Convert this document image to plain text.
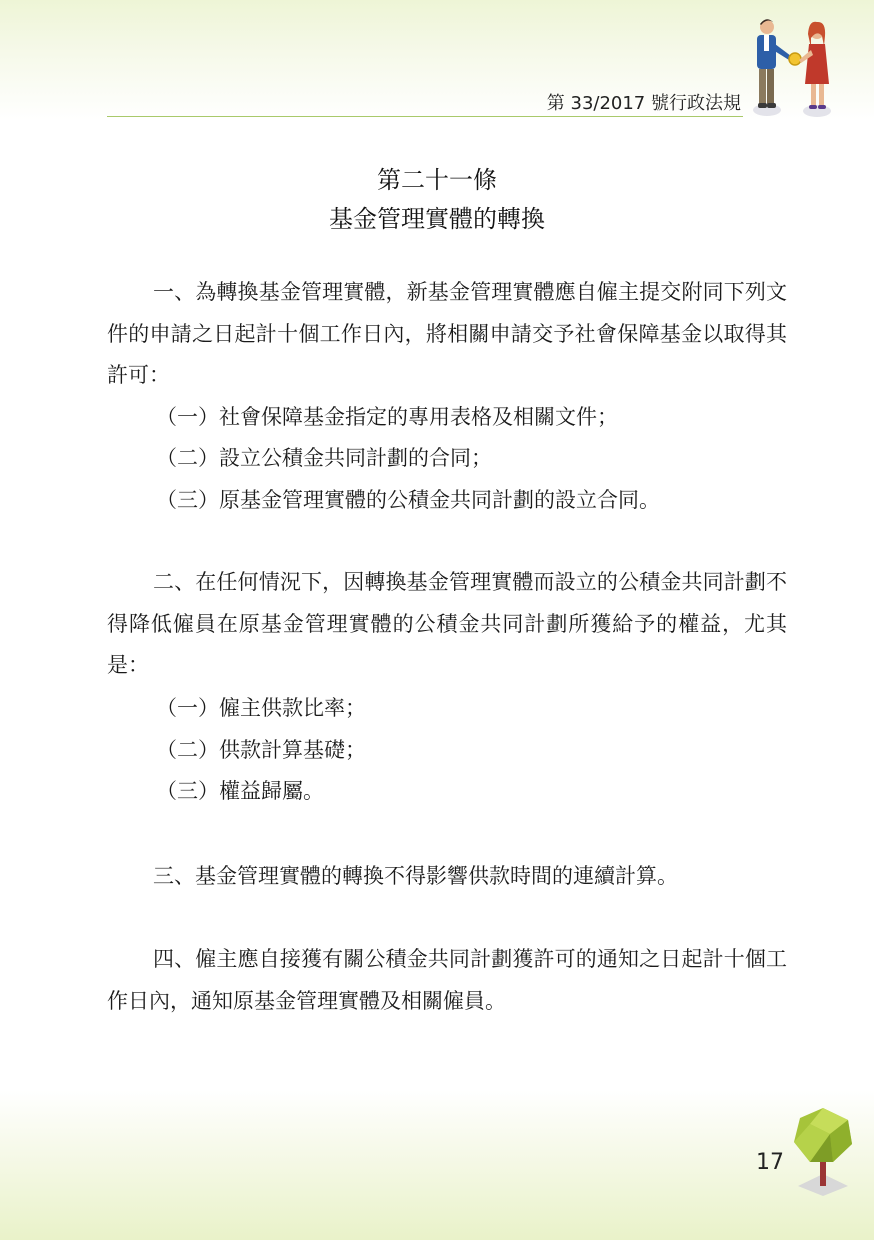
第 33/2017 號行政法規
第二十一條
基金管理實體的轉換

一、為轉換基金管理實體，新基金管理實體應自僱主提交附同下列文件的申請之日起計十個工作日內，將相關申請交予社會保障基金以取得其許可：

（一）社會保障基金指定的專用表格及相關文件；

（二）設立公積金共同計劃的合同；

（三）原基金管理實體的公積金共同計劃的設立合同。

二、在任何情況下，因轉換基金管理實體而設立的公積金共同計劃不得降低僱員在原基金管理實體的公積金共同計劃所獲給予的權益，尤其是：

（一）僱主供款比率；

（二）供款計算基礎；

（三）權益歸屬。

三、基金管理實體的轉換不得影響供款時間的連續計算。

四、僱主應自接獲有關公積金共同計劃獲許可的通知之日起計十個工作日內，通知原基金管理實體及相關僱員。

17
